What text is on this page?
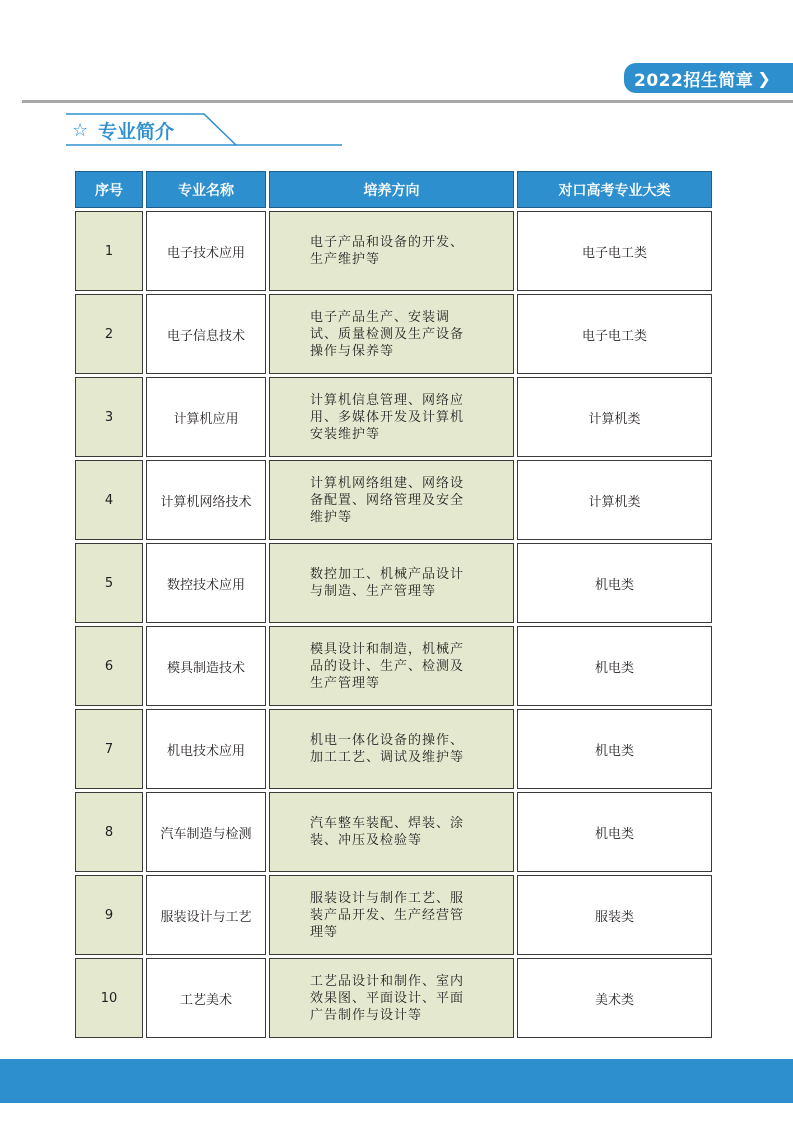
2022招生简章 ❯
☆ 专业简介
序号	专业名称	培养方向	对口高考专业大类
1	电子技术应用	电子产品和设备的开发、生产维护等	电子电工类
2	电子信息技术	电子产品生产、安装调试、质量检测及生产设备操作与保养等	电子电工类
3	计算机应用	计算机信息管理、网络应用、多媒体开发及计算机安装维护等	计算机类
4	计算机网络技术	计算机网络组建、网络设备配置、网络管理及安全维护等	计算机类
5	数控技术应用	数控加工、机械产品设计与制造、生产管理等	机电类
6	模具制造技术	模具设计和制造，机械产品的设计、生产、检测及生产管理等	机电类
7	机电技术应用	机电一体化设备的操作、加工工艺、调试及维护等	机电类
8	汽车制造与检测	汽车整车装配、焊装、涂装、冲压及检验等	机电类
9	服装设计与工艺	服装设计与制作工艺、服装产品开发、生产经营管理等	服装类
10	工艺美术	工艺品设计和制作、室内效果图、平面设计、平面广告制作与设计等	美术类
